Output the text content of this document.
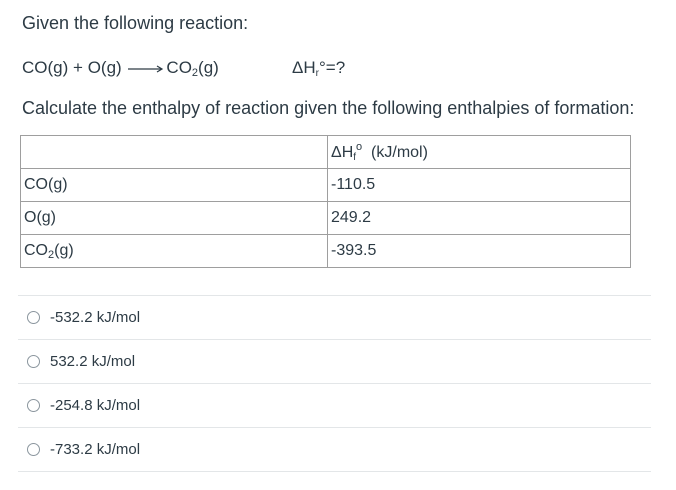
Given the following reaction:
$CO(g) + O(g) \to CO_2(g)$	$\Delta H_r^\circ=$?
Calculate the enthalpy of reaction given the following enthalpies of formation:
	$\Delta H_f^o$ (kJ/mol)
CO(g)	-110.5
O(g)	249.2
$CO_2(g)$	-393.5
-532.2 kJ/mol
532.2 kJ/mol
-254.8 kJ/mol
-733.2 kJ/mol
